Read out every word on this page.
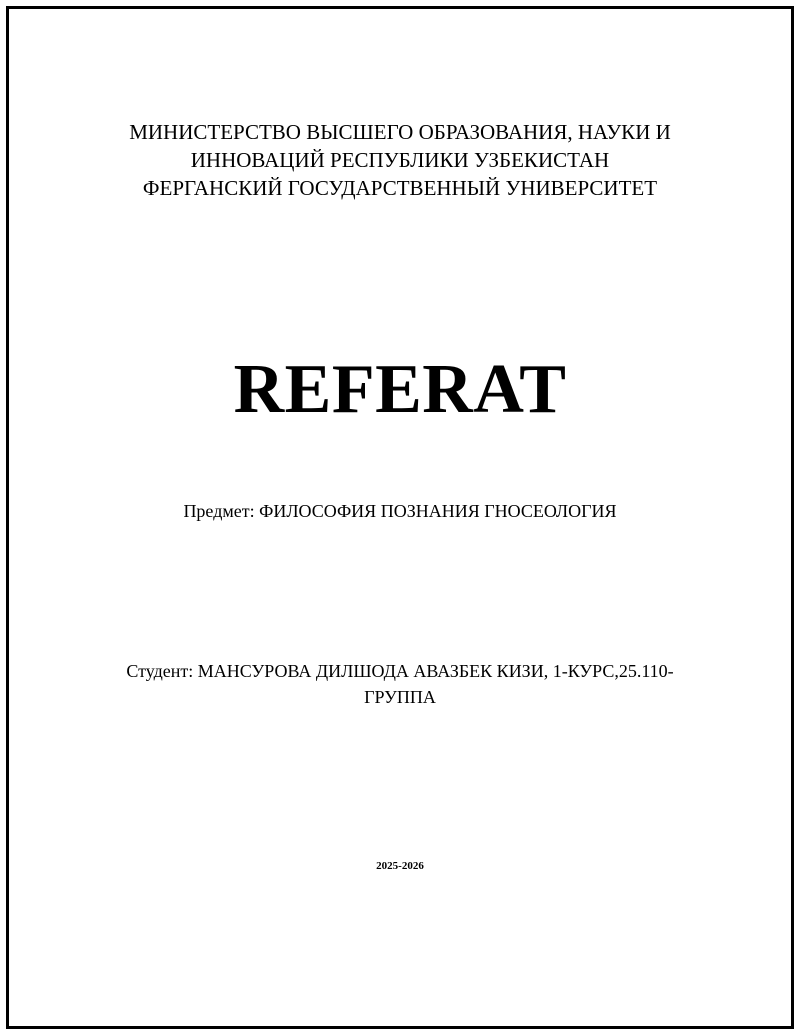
МИНИСТЕРСТВО ВЫСШЕГО ОБРАЗОВАНИЯ, НАУКИ И
ИННОВАЦИЙ РЕСПУБЛИКИ УЗБЕКИСТАН
ФЕРГАНСКИЙ ГОСУДАРСТВЕННЫЙ УНИВЕРСИТЕТ
REFERAT
Предмет: ФИЛОСОФИЯ ПОЗНАНИЯ ГНОСЕОЛОГИЯ
Студент: МАНСУРОВА ДИЛШОДА АВАЗБЕК КИЗИ, 1-КУРС,25.110-
ГРУППА
2025-2026
